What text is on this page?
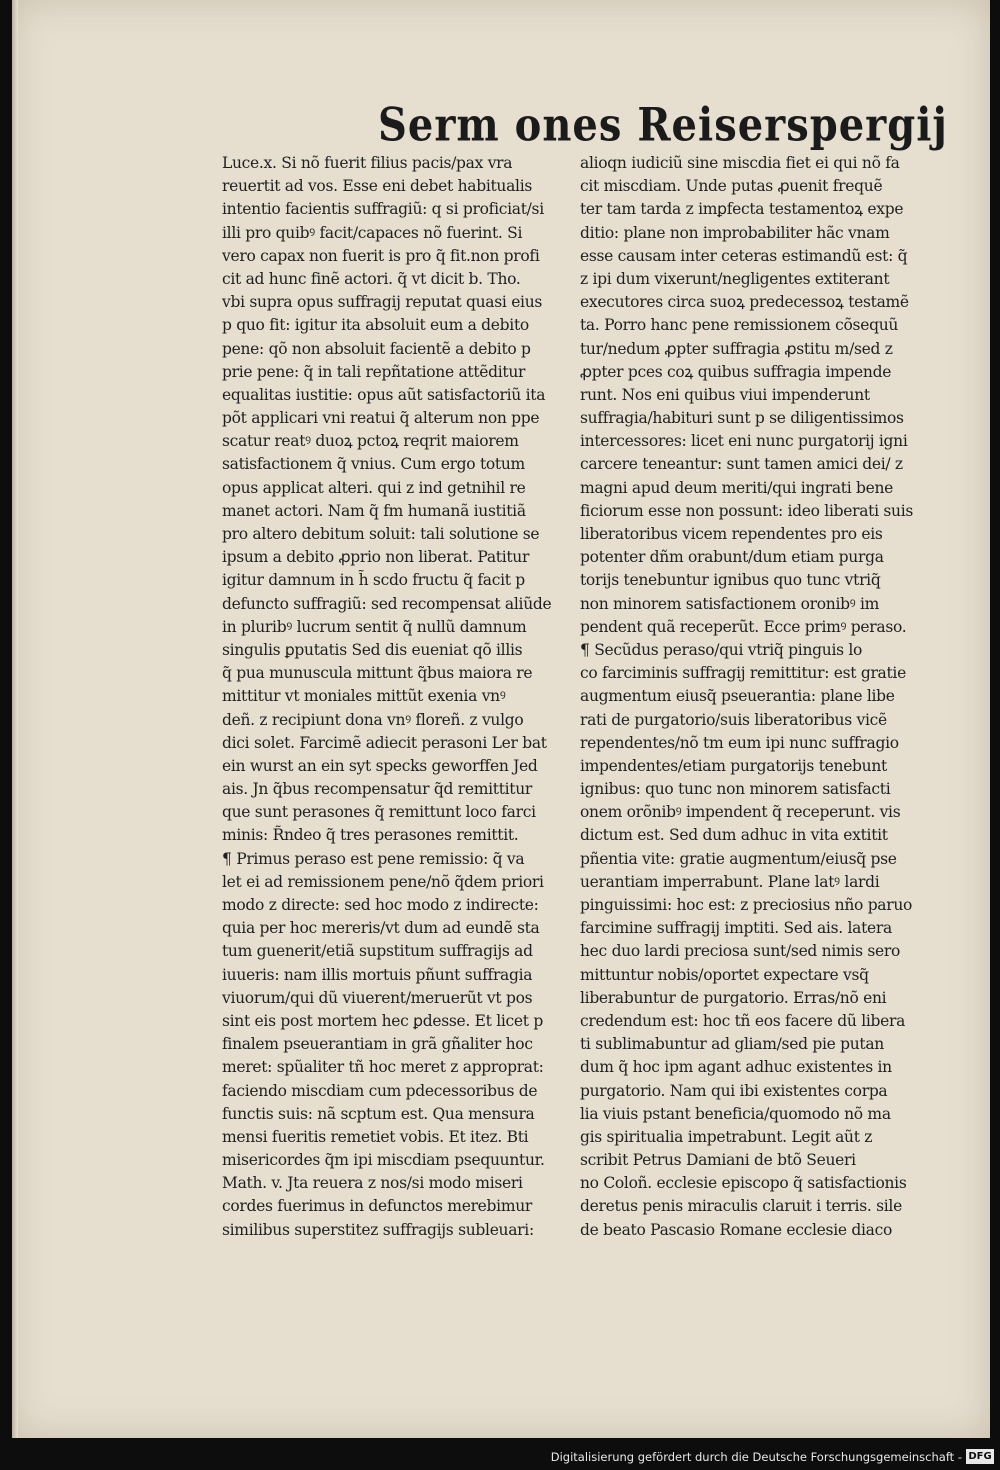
Serm ones Reiserspergij
Luce.x. Si nõ fuerit filius pacis/pax vra
reuertit ad vos. Esse eni debet habitualis
intentio facientis suffragiũ: q si proficiat/si
illi pro quibꝰ facit/capaces nõ fuerint. Si
vero capax non fuerit is pro q̃ fit.non profi
cit ad hunc finẽ actori. q̃ vt dicit b. Tho.
vbi supra opus suffragij reputat quasi eius
p quo fit: igitur ita absoluit eum a debito
pene: qõ non absoluit facientẽ a debito p
prie pene: q̃ in tali repñtatione attẽditur
equalitas iustitie: opus aũt satisfactoriũ ita
põt applicari vni reatui q̃ alterum non ppe
scatur reatꝰ duoꝝ pctoꝝ reqrit maiorem
satisfactionem q̃ vnius. Cum ergo totum
opus applicat alteri. qui z ind getnihil re
manet actori. Nam q̃ fm humanã iustitiã
pro altero debitum soluit: tali solutione se
ipsum a debito ꝓprio non liberat. Patitur
igitur damnum in h̃ scdo fructu q̃ facit p
defuncto suffragiũ: sed recompensat aliũde
in pluribꝰ lucrum sentit q̃ nullũ damnum
singulis ꝑputatis Sed dis eueniat qõ illis
q̃ pua munuscula mittunt q̃bus maiora re
mittitur vt moniales mittũt exenia vnꝰ
deñ. z recipiunt dona vnꝰ floreñ. z vulgo
dici solet. Farcimẽ adiecit perasoni Ler bat
ein wurst an ein syt specks geworffen Jed
ais. Jn q̃bus recompensatur q̃d remittitur
que sunt perasones q̃ remittunt loco farci
minis: R̃ndeo q̃ tres perasones remittit.
¶ Primus peraso est pene remissio: q̃ va
let ei ad remissionem pene/nõ q̃dem priori
modo z directe: sed hoc modo z indirecte:
quia per hoc mereris/vt dum ad eundẽ sta
tum guenerit/etiã supstitum suffragijs ad
iuueris: nam illis mortuis pñunt suffragia
viuorum/qui dũ viuerent/meruerũt vt pos
sint eis post mortem hec ꝑdesse. Et licet p
finalem pseuerantiam in grã gñaliter hoc
meret: spũaliter tñ hoc meret z approprat:
faciendo miscdiam cum pdecessoribus de
functis suis: nã scptum est. Qua mensura
mensi fueritis remetiet vobis. Et itez. Bti
misericordes q̃m ipi miscdiam psequuntur.
Math. v. Jta reuera z nos/si modo miseri
cordes fuerimus in defunctos merebimur
similibus superstitez suffragijs subleuari:
alioqn iudiciũ sine miscdia fiet ei qui nõ fa
cit miscdiam. Unde putas ꝓuenit frequẽ
ter tam tarda z imꝑfecta testamentoꝝ expe
ditio: plane non improbabiliter hãc vnam
esse causam inter ceteras estimandũ est: q̃
z ipi dum vixerunt/negligentes extiterant
executores circa suoꝝ predecessoꝝ testamẽ
ta. Porro hanc pene remissionem cõsequũ
tur/nedum ꝓpter suffragia ꝓstitu m/sed z
ꝓpter pces coꝝ quibus suffragia impende
runt. Nos eni quibus viui impenderunt
suffragia/habituri sunt p se diligentissimos
intercessores: licet eni nunc purgatorij igni
carcere teneantur: sunt tamen amici dei/ z
magni apud deum meriti/qui ingrati bene
ficiorum esse non possunt: ideo liberati suis
liberatoribus vicem rependentes pro eis
potenter dñm orabunt/dum etiam purga
torijs tenebuntur ignibus quo tunc vtriq̃
non minorem satisfactionem oronibꝰ im
pendent quã receperũt. Ecce primꝰ peraso.
¶ Secũdus peraso/qui vtriq̃ pinguis lo
co farciminis suffragij remittitur: est gratie
augmentum eiusq̃ pseuerantia: plane libe
rati de purgatorio/suis liberatoribus vicẽ
rependentes/nõ tm eum ipi nunc suffragio
impendentes/etiam purgatorijs tenebunt
ignibus: quo tunc non minorem satisfacti
onem orõnibꝰ impendent q̃ receperunt. vis
dictum est. Sed dum adhuc in vita extitit
pñentia vite: gratie augmentum/eiusq̃ pse
uerantiam imperrabunt. Plane latꝰ lardi
pinguissimi: hoc est: z preciosius nño paruo
farcimine suffragij imptiti. Sed ais. latera
hec duo lardi preciosa sunt/sed nimis sero
mittuntur nobis/oportet expectare vsq̃
liberabuntur de purgatorio. Erras/nõ eni
credendum est: hoc tñ eos facere dũ libera
ti sublimabuntur ad gliam/sed pie putan
dum q̃ hoc ipm agant adhuc existentes in
purgatorio. Nam qui ibi existentes corpa
lia viuis pstant beneficia/quomodo nõ ma
gis spiritualia impetrabunt. Legit aũt z
scribit Petrus Damiani de btõ Seueri
no Coloñ. ecclesie episcopo q̃ satisfactionis
deretus penis miraculis claruit i terris. sile
de beato Pascasio Romane ecclesie diaco
Digitalisierung gefördert durch die Deutsche Forschungsgemeinschaft - DFG
